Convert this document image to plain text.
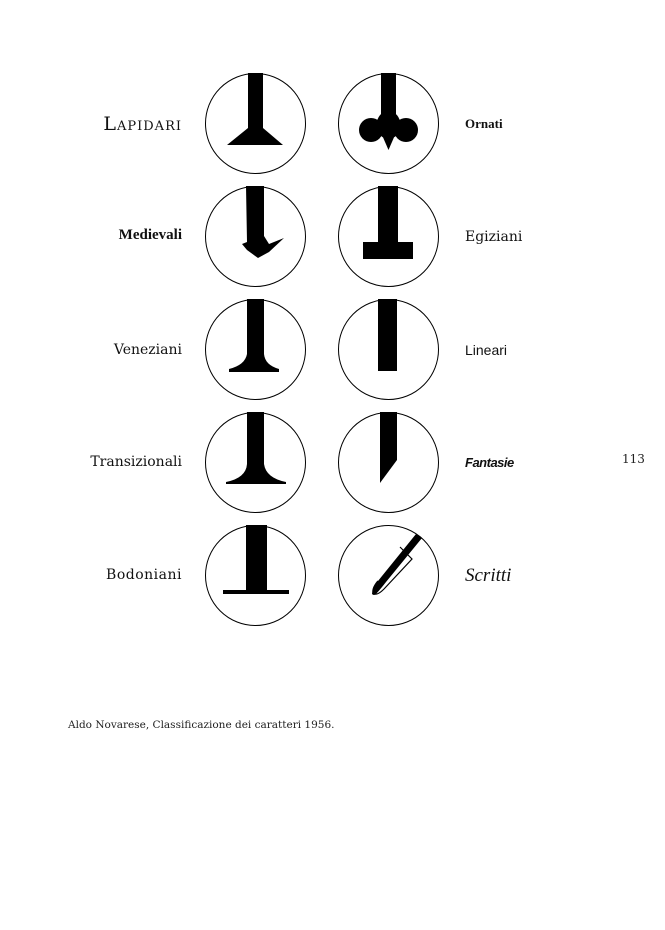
Lapidari
Medievali
Veneziani
Transizionali
Bodoniani
Ornati
Egiziani
Lineari
Fantasie
Scritti
113
Aldo Novarese, Classificazione dei caratteri 1956.
